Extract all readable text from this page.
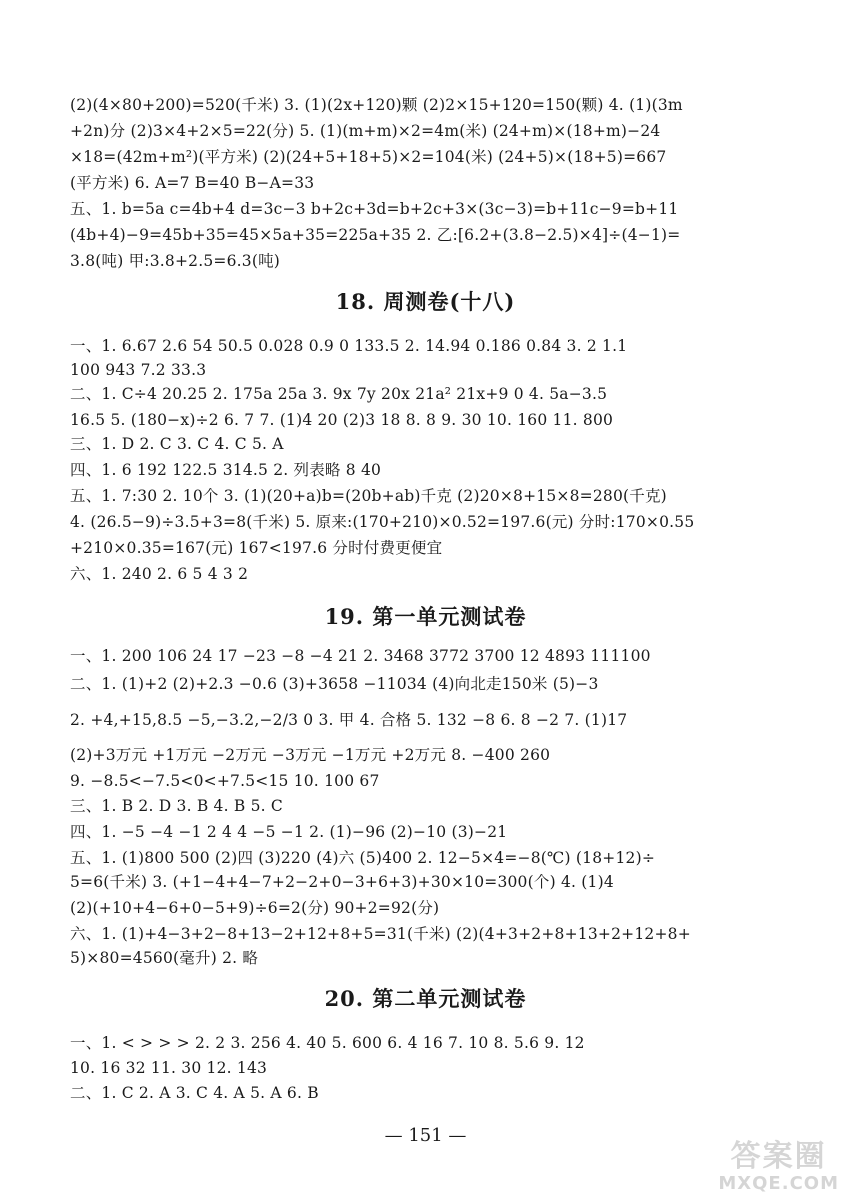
(2)(4×80+200)=520(千米) 3. (1)(2x+120)颗 (2)2×15+120=150(颗) 4. (1)(3m
+2n)分 (2)3×4+2×5=22(分) 5. (1)(m+m)×2=4m(米) (24+m)×(18+m)−24
×18=(42m+m²)(平方米) (2)(24+5+18+5)×2=104(米) (24+5)×(18+5)=667
(平方米) 6. A=7 B=40 B−A=33
五、1. b=5a c=4b+4 d=3c−3 b+2c+3d=b+2c+3×(3c−3)=b+11c−9=b+11
(4b+4)−9=45b+35=45×5a+35=225a+35 2. 乙:[6.2+(3.8−2.5)×4]÷(4−1)=
3.8(吨) 甲:3.8+2.5=6.3(吨)
18. 周测卷(十八)
一、1. 6.67 2.6 54 50.5 0.028 0.9 0 133.5 2. 14.94 0.186 0.84 3. 2 1.1
100 943 7.2 33.3
二、1. C÷4 20.25 2. 175a 25a 3. 9x 7y 20x 21a² 21x+9 0 4. 5a−3.5
16.5 5. (180−x)÷2 6. 7 7. (1)4 20 (2)3 18 8. 8 9. 30 10. 160 11. 800
三、1. D 2. C 3. C 4. C 5. A
四、1. 6 192 122.5 314.5 2. 列表略 8 40
五、1. 7:30 2. 10个 3. (1)(20+a)b=(20b+ab)千克 (2)20×8+15×8=280(千克)
4. (26.5−9)÷3.5+3=8(千米) 5. 原来:(170+210)×0.52=197.6(元) 分时:170×0.55
+210×0.35=167(元) 167<197.6 分时付费更便宜
六、1. 240 2. 6 5 4 3 2
19. 第一单元测试卷
一、1. 200 106 24 17 −23 −8 −4 21 2. 3468 3772 3700 12 4893 111100
二、1. (1)+2 (2)+2.3 −0.6 (3)+3658 −11034 (4)向北走150米 (5)−3
2. +4,+15,8.5 −5,−3.2,−2/3 0 3. 甲 4. 合格 5. 132 −8 6. 8 −2 7. (1)17
(2)+3万元 +1万元 −2万元 −3万元 −1万元 +2万元 8. −400 260
9. −8.5<−7.5<0<+7.5<15 10. 100 67
三、1. B 2. D 3. B 4. B 5. C
四、1. −5 −4 −1 2 4 4 −5 −1 2. (1)−96 (2)−10 (3)−21
五、1. (1)800 500 (2)四 (3)220 (4)六 (5)400 2. 12−5×4=−8(℃) (18+12)÷
5=6(千米) 3. (+1−4+4−7+2−2+0−3+6+3)+30×10=300(个) 4. (1)4
(2)(+10+4−6+0−5+9)÷6=2(分) 90+2=92(分)
六、1. (1)+4−3+2−8+13−2+12+8+5=31(千米) (2)(4+3+2+8+13+2+12+8+
5)×80=4560(毫升) 2. 略
20. 第二单元测试卷
一、1. < > > > 2. 2 3. 256 4. 40 5. 600 6. 4 16 7. 10 8. 5.6 9. 12
10. 16 32 11. 30 12. 143
二、1. C 2. A 3. C 4. A 5. A 6. B
— 151 —
答案圈
MXQE.COM
